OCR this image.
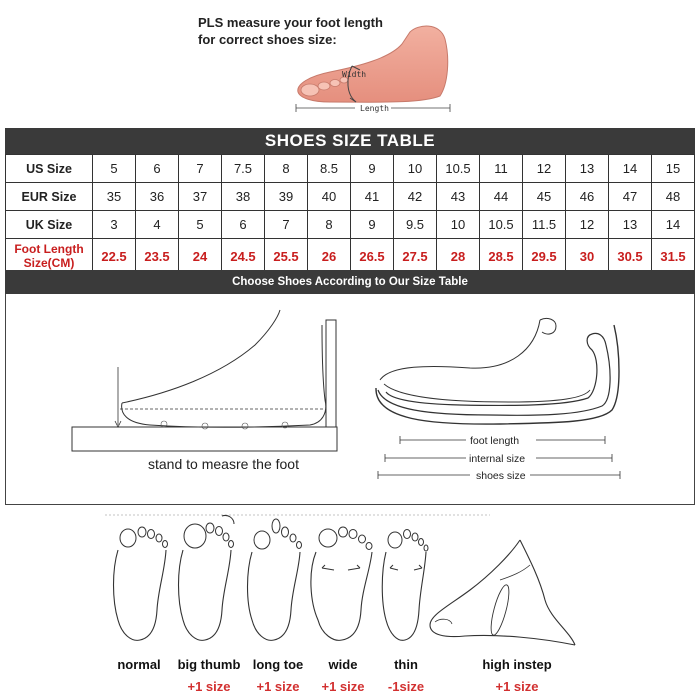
PLS measure your foot length
for correct shoes size:
Width
Length
SHOES SIZE TABLE
US Size	5	6	7	7.5	8	8.5	9	10	10.5	11	12	13	14	15
EUR Size	35	36	37	38	39	40	41	42	43	44	45	46	47	48
UK Size	3	4	5	6	7	8	9	9.5	10	10.5	11.5	12	13	14

Foot Length
Size(CM)	22.5	23.5	24	24.5	25.5	26	26.5	27.5	28	28.5	29.5	30	30.5	31.5
Choose Shoes According to Our Size Table
stand to measre the foot
foot length
internal size
shoes size
normal	big thumb
+1 size
long toe
+1 size
wide
+1 size
thin
-1size
high instep
+1 size
